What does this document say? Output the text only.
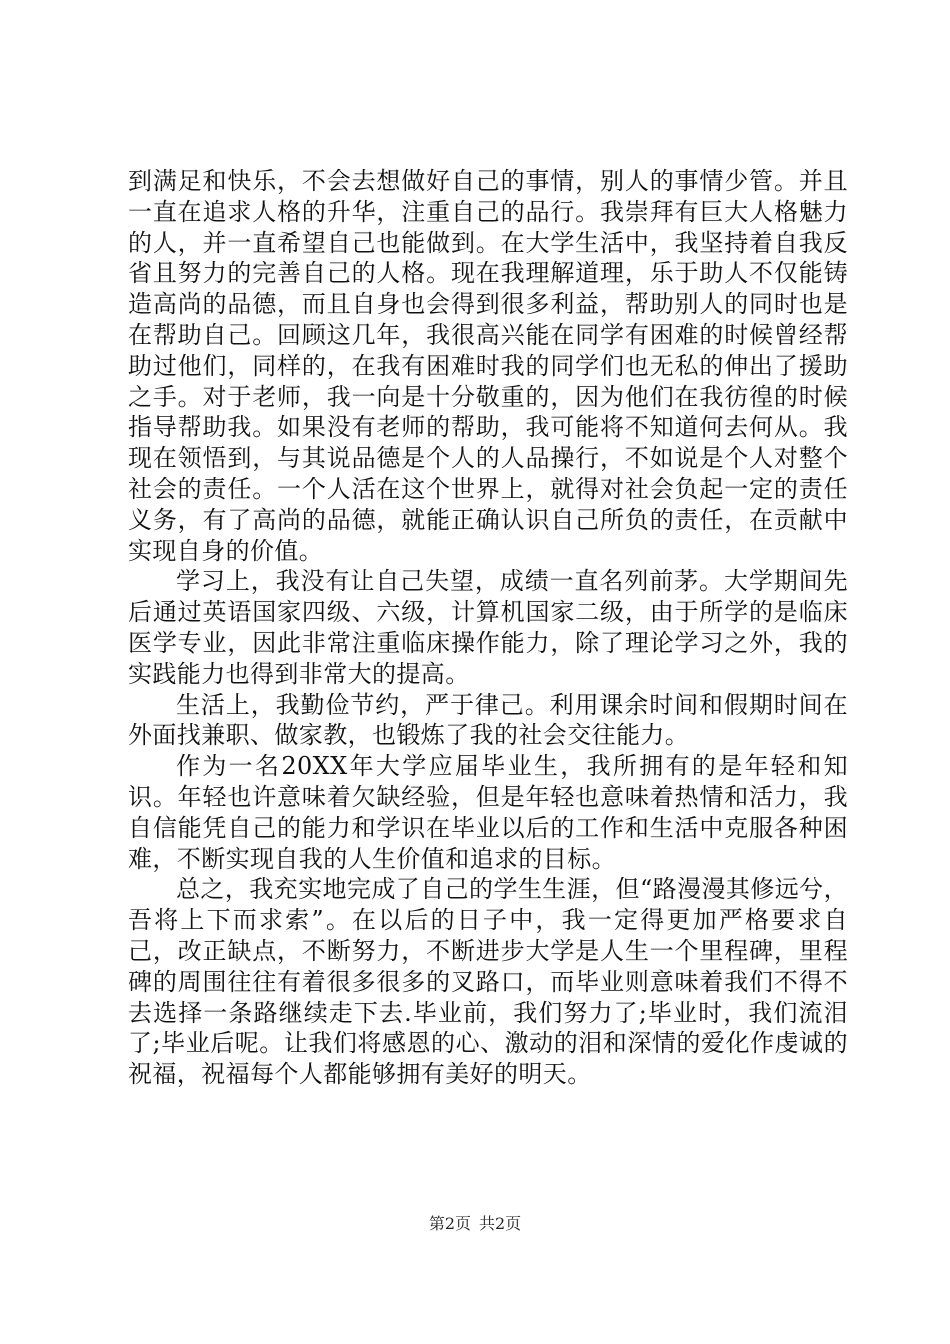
到满足和快乐，不会去想做好自己的事情，别人的事情少管。并且一直在追求人格的升华，注重自己的品行。我崇拜有巨大人格魅力的人，并一直希望自己也能做到。在大学生活中，我坚持着自我反省且努力的完善自己的人格。现在我理解道理，乐于助人不仅能铸造高尚的品德，而且自身也会得到很多利益，帮助别人的同时也是在帮助自己。回顾这几年，我很高兴能在同学有困难的时候曾经帮助过他们，同样的，在我有困难时我的同学们也无私的伸出了援助之手。对于老师，我一向是十分敬重的，因为他们在我彷徨的时候指导帮助我。如果没有老师的帮助，我可能将不知道何去何从。我现在领悟到，与其说品德是个人的人品操行，不如说是个人对整个社会的责任。一个人活在这个世界上，就得对社会负起一定的责任义务，有了高尚的品德，就能正确认识自己所负的责任，在贡献中实现自身的价值。

学习上，我没有让自己失望，成绩一直名列前茅。大学期间先后通过英语国家四级、六级，计算机国家二级，由于所学的是临床医学专业，因此非常注重临床操作能力，除了理论学习之外，我的实践能力也得到非常大的提高。

生活上，我勤俭节约，严于律己。利用课余时间和假期时间在外面找兼职、做家教，也锻炼了我的社会交往能力。

作为一名20XX年大学应届毕业生，我所拥有的是年轻和知识。年轻也许意味着欠缺经验，但是年轻也意味着热情和活力，我自信能凭自己的能力和学识在毕业以后的工作和生活中克服各种困难，不断实现自我的人生价值和追求的目标。

总之，我充实地完成了自己的学生生涯，但“路漫漫其修远兮，吾将上下而求索”。在以后的日子中，我一定得更加严格要求自己，改正缺点，不断努力，不断进步大学是人生一个里程碑，里程碑的周围往往有着很多很多的叉路口，而毕业则意味着我们不得不去选择一条路继续走下去.毕业前，我们努力了;毕业时，我们流泪了;毕业后呢。让我们将感恩的心、激动的泪和深情的爱化作虔诚的祝福，祝福每个人都能够拥有美好的明天。

第2页 共2页
